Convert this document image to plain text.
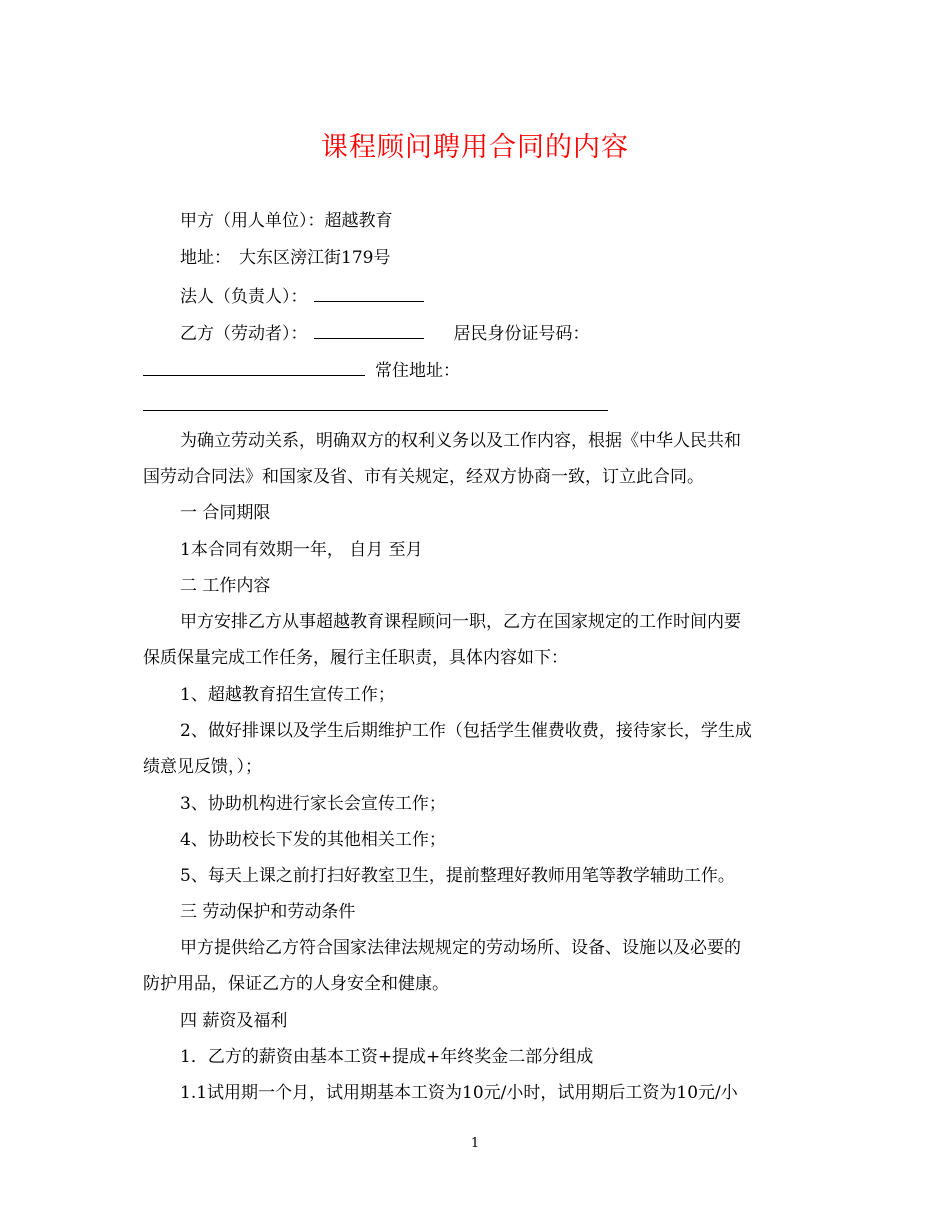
课程顾问聘用合同的内容
甲方（用人单位）：超越教育
地址： 大东区滂江街179号
法人（负责人）：
乙方（劳动者）：	居民身份证号码：
常住地址：
为确立劳动关系，明确双方的权利义务以及工作内容，根据《中华人民共和
国劳动合同法》和国家及省、市有关规定，经双方协商一致，订立此合同。
一 合同期限
1本合同有效期一年， 自月 至月
二 工作内容
甲方安排乙方从事超越教育课程顾问一职，乙方在国家规定的工作时间内要
保质保量完成工作任务，履行主任职责，具体内容如下：
1、超越教育招生宣传工作；
2、做好排课以及学生后期维护工作（包括学生催费收费，接待家长，学生成
绩意见反馈，）；
3、协助机构进行家长会宣传工作；
4、协助校长下发的其他相关工作；
5、每天上课之前打扫好教室卫生，提前整理好教师用笔等教学辅助工作。
三 劳动保护和劳动条件
甲方提供给乙方符合国家法律法规规定的劳动场所、设备、设施以及必要的
防护用品，保证乙方的人身安全和健康。
四 薪资及福利
1．乙方的薪资由基本工资+提成+年终奖金二部分组成
1.1试用期一个月，试用期基本工资为10元/小时，试用期后工资为10元/小
1
